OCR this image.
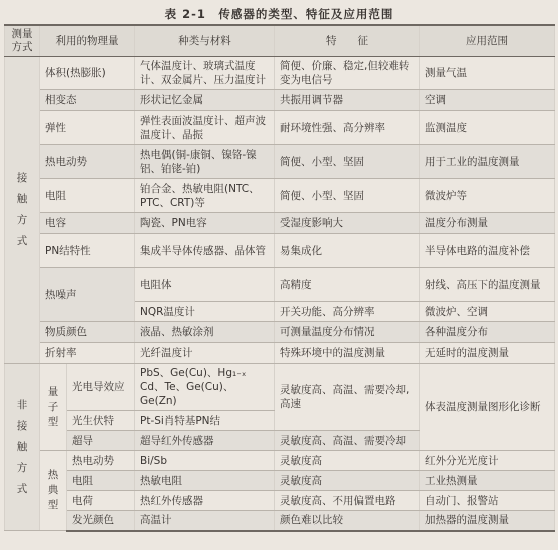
表 2-1　传感器的类型、特征及应用范围
测量方式	利用的物理量		种类与材料	特　　征	应用范围
接触方式	体积(热膨胀)		气体温度计、玻璃式温度计、双金属片、压力温度计	简便、价廉、稳定,但较难转变为电信号	测量气温
	相变态		形状记忆金属	共振用调节器	空调
	弹性		弹性表面波温度计、超声波温度计、晶振	耐环境性强、高分辨率	监测温度
	热电动势		热电偶(铜-康铜、镍铬-镍铝、铂铑-铂)	简便、小型、坚固	用于工业的温度测量
	电阻		铂合金、热敏电阻(NTC、PTC、CRT)等	简便、小型、坚固	微波炉等
	电容		陶瓷、PN电容	受湿度影响大	温度分布测量
	PN结特性		集成半导体传感器、晶体管	易集成化	半导体电路的温度补偿
	热噪声		电阻体	高精度	射线、高压下的温度测量
			NQR温度计	开关功能、高分辨率	微波炉、空调
	物质颜色		液晶、热敏涂剂	可测量温度分布情况	各种温度分布
	折射率		光纤温度计	特殊环境中的温度测量	无延时的温度测量
非接触方式	量子型	光电导效应	PbS、Ge(Cu)、Hg₁₋ₓ Cd、Te、Ge(Cu)、Ge(Zn)	灵敏度高、高温、需要冷却,高速	体表温度测量图形化诊断
		光生伏特	Pt-Si肖特基PN结		
		超导	超导红外传感器	灵敏度高、高温、需要冷却	
	热典型	热电动势	Bi/Sb	灵敏度高	红外分光光度计
		电阻	热敏电阻	灵敏度高	工业热测量
		电荷	热红外传感器	灵敏度高、不用偏置电路	自动门、报警站
		发光颜色	高温计	颜色难以比较	加热器的温度测量
